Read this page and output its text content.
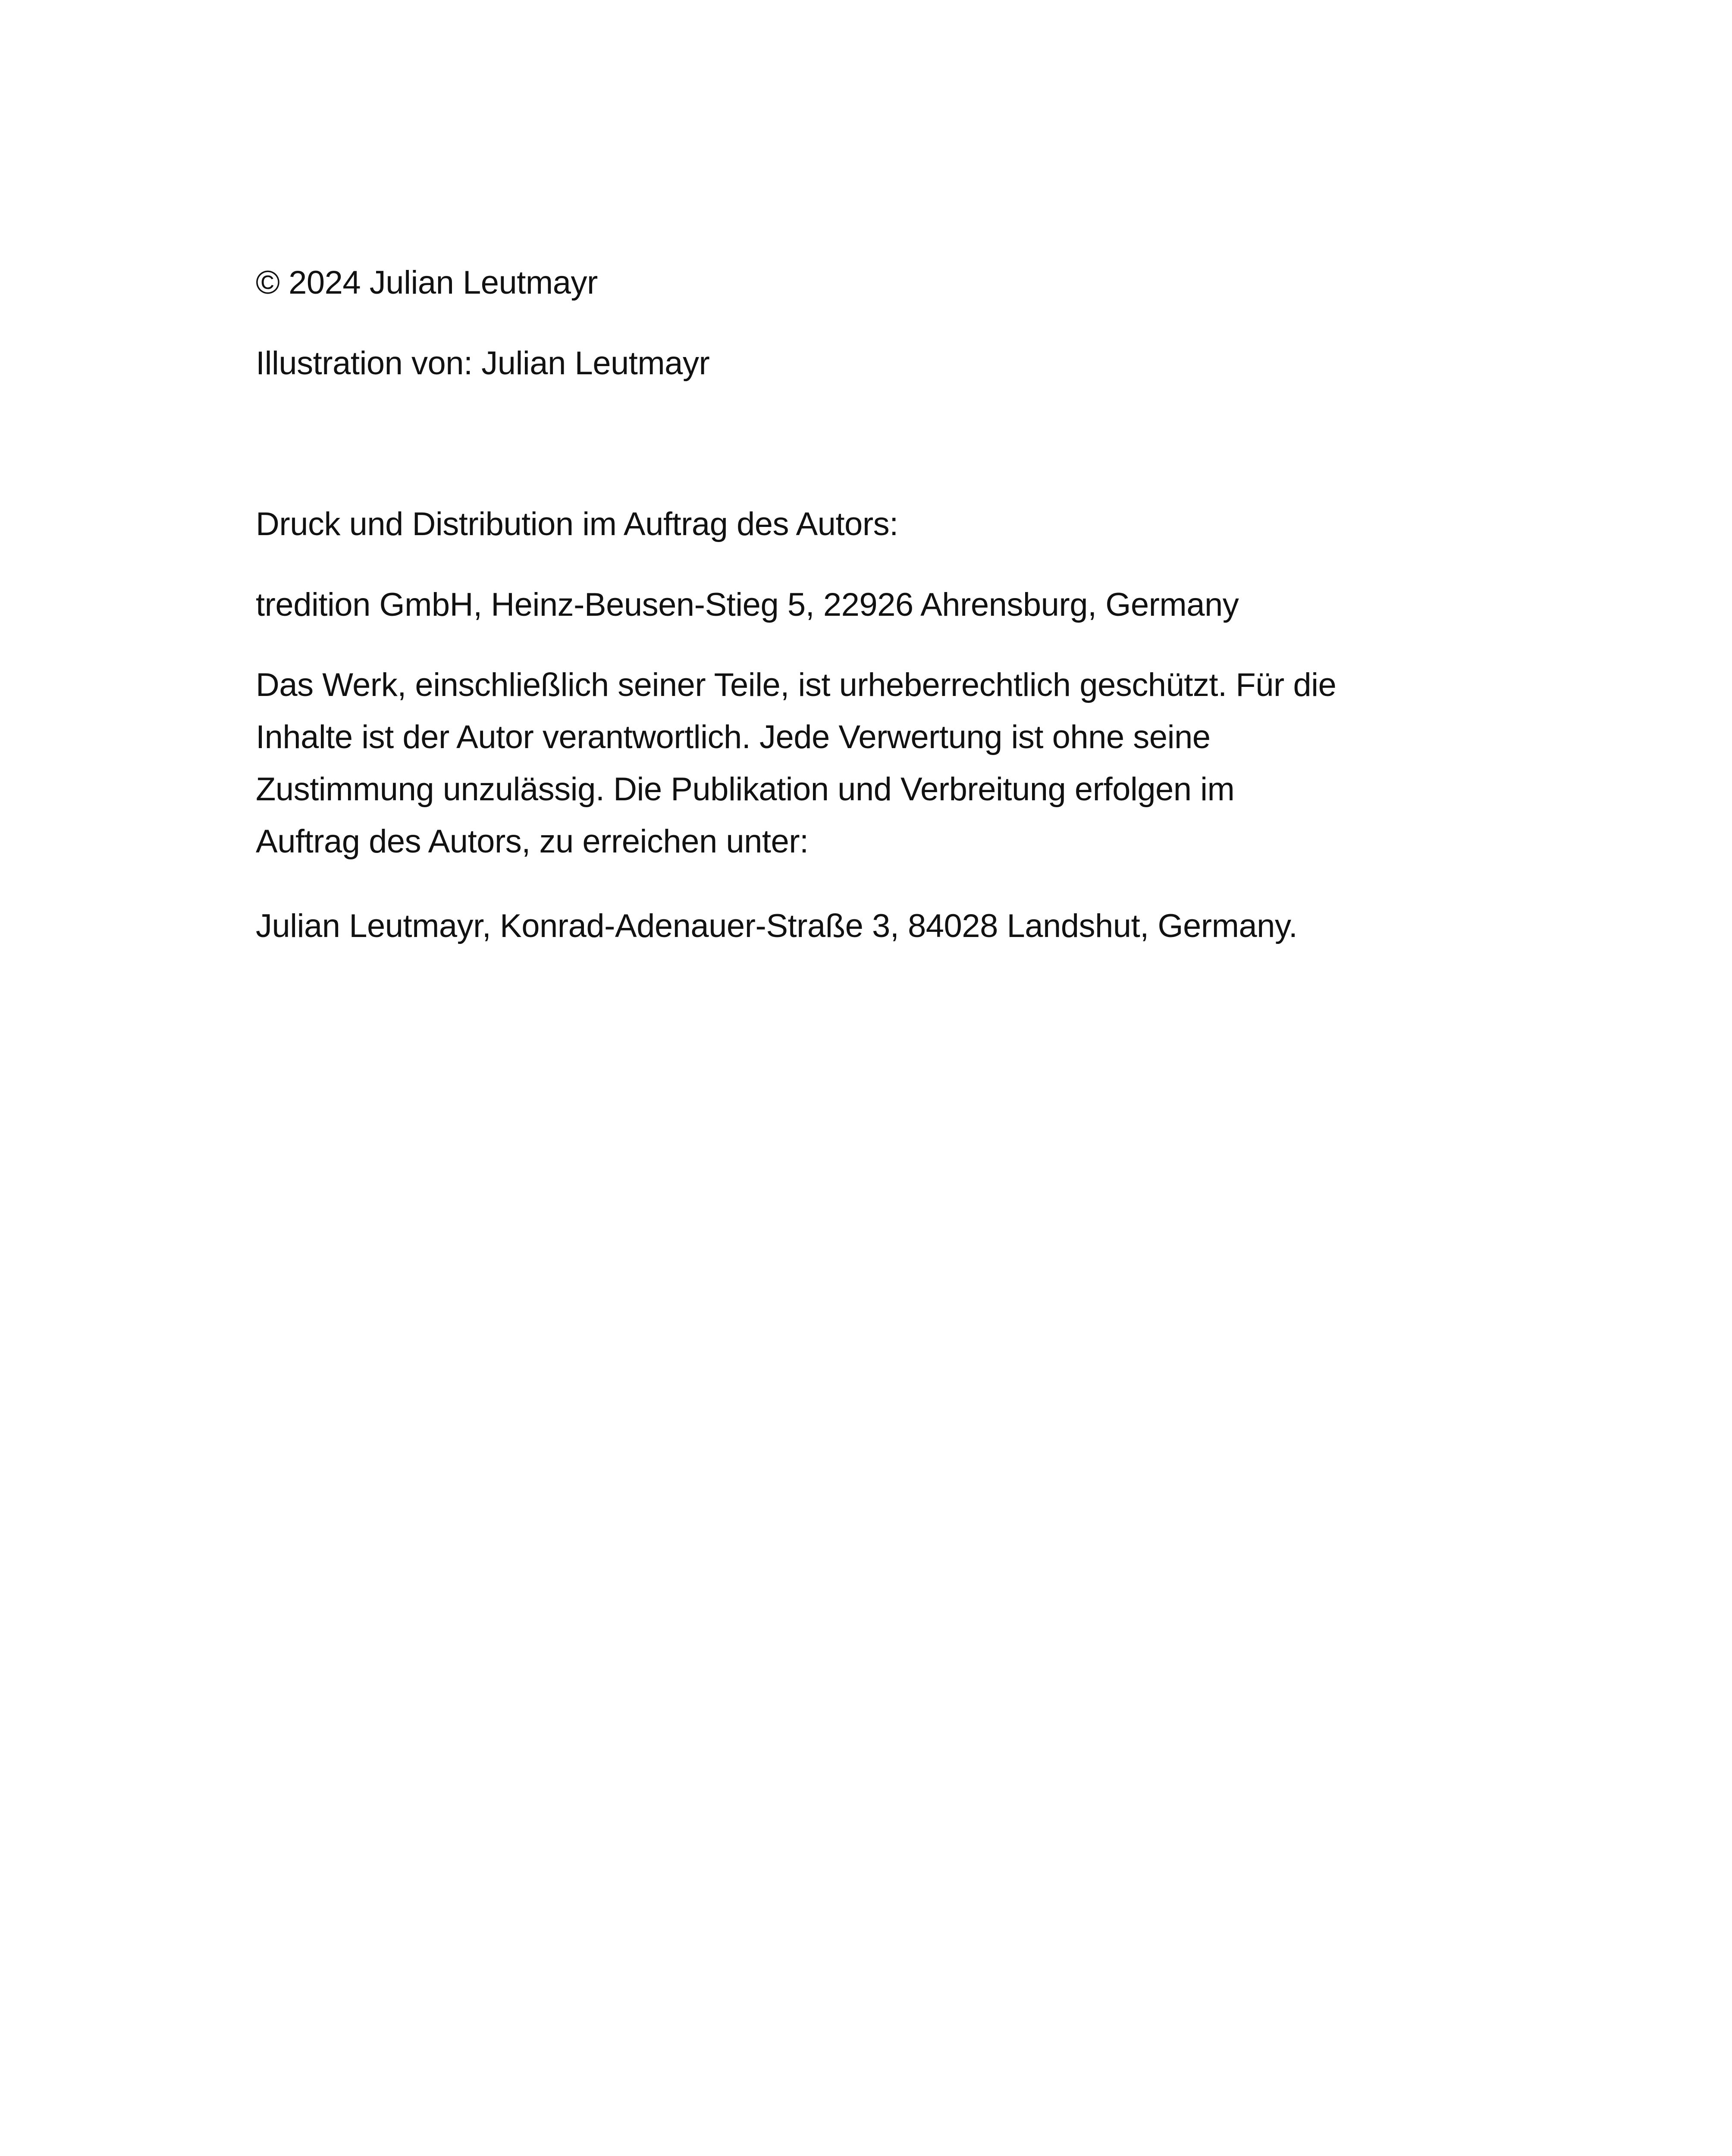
© 2024 Julian Leutmayr

Illustration von: Julian Leutmayr

Druck und Distribution im Auftrag des Autors:

tredition GmbH, Heinz-Beusen-Stieg 5, 22926 Ahrensburg, Germany

Das Werk, einschließlich seiner Teile, ist urheberrechtlich geschützt. Für die
Inhalte ist der Autor verantwortlich. Jede Verwertung ist ohne seine
Zustimmung unzulässig. Die Publikation und Verbreitung erfolgen im
Auftrag des Autors, zu erreichen unter:

Julian Leutmayr, Konrad-Adenauer-Straße 3, 84028 Landshut, Germany.
